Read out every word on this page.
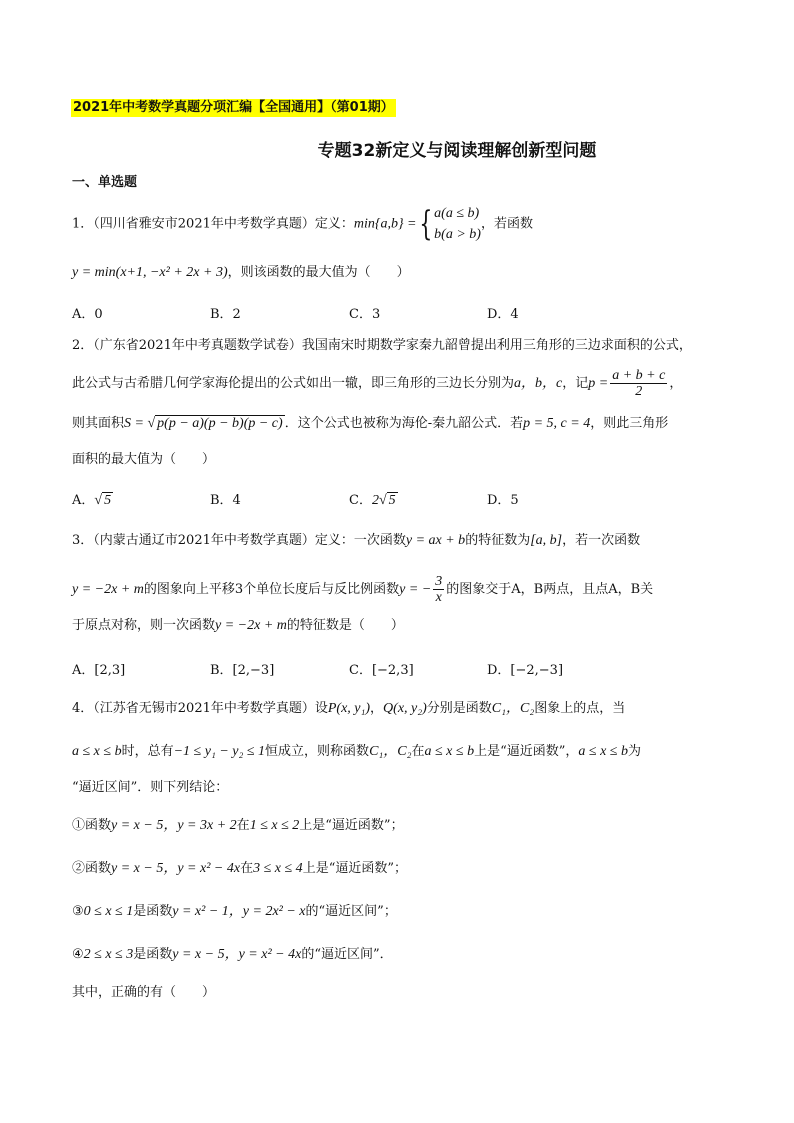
2021年中考数学真题分项汇编【全国通用】（第01期）
专题32新定义与阅读理解创新型问题
一、单选题
1．（四川省雅安市2021年中考数学真题）定义：min{a,b} ={ a(a ≤ b)
b(a > b)，若函数
y = min(x+1, −x² + 2x + 3)，则该函数的最大值为（　　）
A．0	B．2	C．3	D．4
2．（广东省2021年中考真题数学试卷）我国南宋时期数学家秦九韶曾提出利用三角形的三边求面积的公式，
此公式与古希腊几何学家海伦提出的公式如出一辙，即三角形的三边长分别为a，b，c，记$p = \frac{a + b + c}{2}$ ，
则其面积S = √ p(p − a)(p − b)(p − c) ．这个公式也被称为海伦-秦九韶公式．若p = 5, c = 4，则此三角形
面积的最大值为（　　）
A．√ 5	B．4	C．2√ 5	D．5
3．（内蒙古通辽市2021年中考数学真题）定义：一次函数y = ax + b的特征数为[a, b]，若一次函数
y = −2x + m的图象向上平移3个单位长度后与反比例函数y = − $\frac{3}{x}$ 的图象交于A，B两点，且点A，B关
于原点对称，则一次函数y = −2x + m的特征数是（　　）
A．[2,3]	B．[2,−3]	C．[−2,3]	D．[−2,−3]
4．（江苏省无锡市2021年中考数学真题）设P(x, y₁)，Q(x, y₂)分别是函数C₁，C₂图象上的点，当
a ≤ x ≤ b时，总有−1 ≤ y₁ − y₂ ≤ 1恒成立，则称函数C₁，C₂在a ≤ x ≤ b上是“逼近函数”，a ≤ x ≤ b为
“逼近区间”．则下列结论：
①函数y = x − 5，y = 3x + 2在1 ≤ x ≤ 2上是“逼近函数”；
②函数y = x − 5，y = x² − 4x在3 ≤ x ≤ 4上是“逼近函数”；
③0 ≤ x ≤ 1是函数y = x² − 1，y = 2x² − x的“逼近区间”；
④2 ≤ x ≤ 3是函数y = x − 5，y = x² − 4x的“逼近区间”．
其中，正确的有（　　）
